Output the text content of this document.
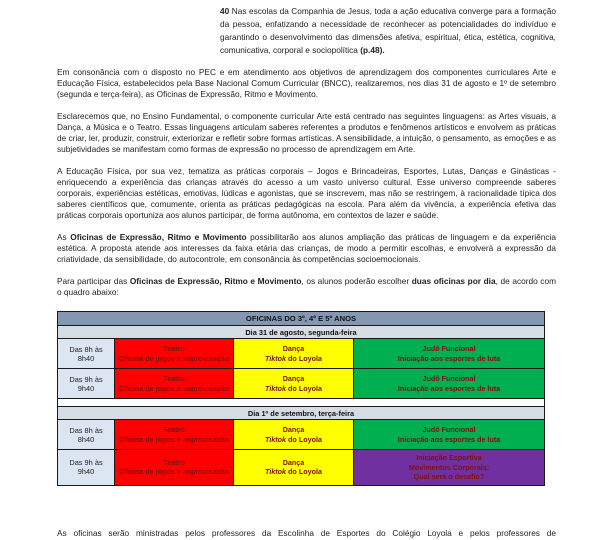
40 Nas escolas da Companhia de Jesus, toda a ação educativa converge para a formação da pessoa, enfatizando a necessidade de reconhecer as potencialidades do indivíduo e garantindo o desenvolvimento das dimensões afetiva, espiritual, ética, estética, cognitiva, comunicativa, corporal e sociopolítica (p.48).

Em consonância com o disposto no PEC e em atendimento aos objetivos de aprendizagem dos componentes curriculares Arte e Educação Física, estabelecidos pela Base Nacional Comum Curricular (BNCC), realizaremos, nos dias 31 de agosto e 1º de setembro (segunda e terça-feira), as Oficinas de Expressão, Ritmo e Movimento.

Esclarecemos que, no Ensino Fundamental, o componente curricular Arte está centrado nas seguintes linguagens: as Artes visuais, a Dança, a Música e o Teatro. Essas linguagens articulam saberes referentes a produtos e fenômenos artísticos e envolvem as práticas de criar, ler, produzir, construir, exteriorizar e refletir sobre formas artísticas. A sensibilidade, a intuição, o pensamento, as emoções e as subjetividades se manifestam como formas de expressão no processo de aprendizagem em Arte.

A Educação Física, por sua vez, tematiza as práticas corporais – Jogos e Brincadeiras, Esportes, Lutas, Danças e Ginásticas - enriquecendo a experiência das crianças através do acesso a um vasto universo cultural. Esse universo compreende saberes corporais, experiências estéticas, emotivas, lúdicas e agonistas, que se inscrevem, mas não se restringem, à racionalidade típica dos saberes científicos que, comumente, orienta as práticas pedagógicas na escola. Para além da vivência, a experiência efetiva das práticas corporais oportuniza aos alunos participar, de forma autônoma, em contextos de lazer e saúde.

As Oficinas de Expressão, Ritmo e Movimento possibilitarão aos alunos ampliação das práticas de linguagem e da experiência estética. A proposta atende aos interesses da faixa etária das crianças, de modo a permitir escolhas, e envolverá a expressão da criatividade, da sensibilidade, do autocontrole, em consonância às competências socioemocionais.

Para participar das Oficinas de Expressão, Ritmo e Movimento, os alunos poderão escolher duas oficinas por dia, de acordo com o quadro abaixo:

OFICINAS DO 3º, 4º E 5º ANOS
Dia 31 de agosto, segunda-feira
Das 8h às
8h40
Teatro
Oficina de jogos e improvisação
Dança
Tiktok do Loyola
Judô Funcional
Iniciação aos esportes de luta
Das 9h às
9h40
Teatro
Oficina de jogos e improvisação
Dança
Tiktok do Loyola
Judô Funcional
Iniciação aos esportes de luta
Dia 1º de setembro, terça-feira
Das 8h às
8h40
Teatro
Oficina de jogos e improvisação
Dança
Tiktok do Loyola
Judô Funcional
Iniciação aos esportes de luta
Das 9h às
9h40
Teatro
Oficina de jogos e improvisação
Dança
Tiktok do Loyola
Iniciação Esportiva
Movimentos Corporais:
Qual será o desafio?

As oficinas serão ministradas pelos professores da Escolinha de Esportes do Colégio Loyola e pelos professores de
